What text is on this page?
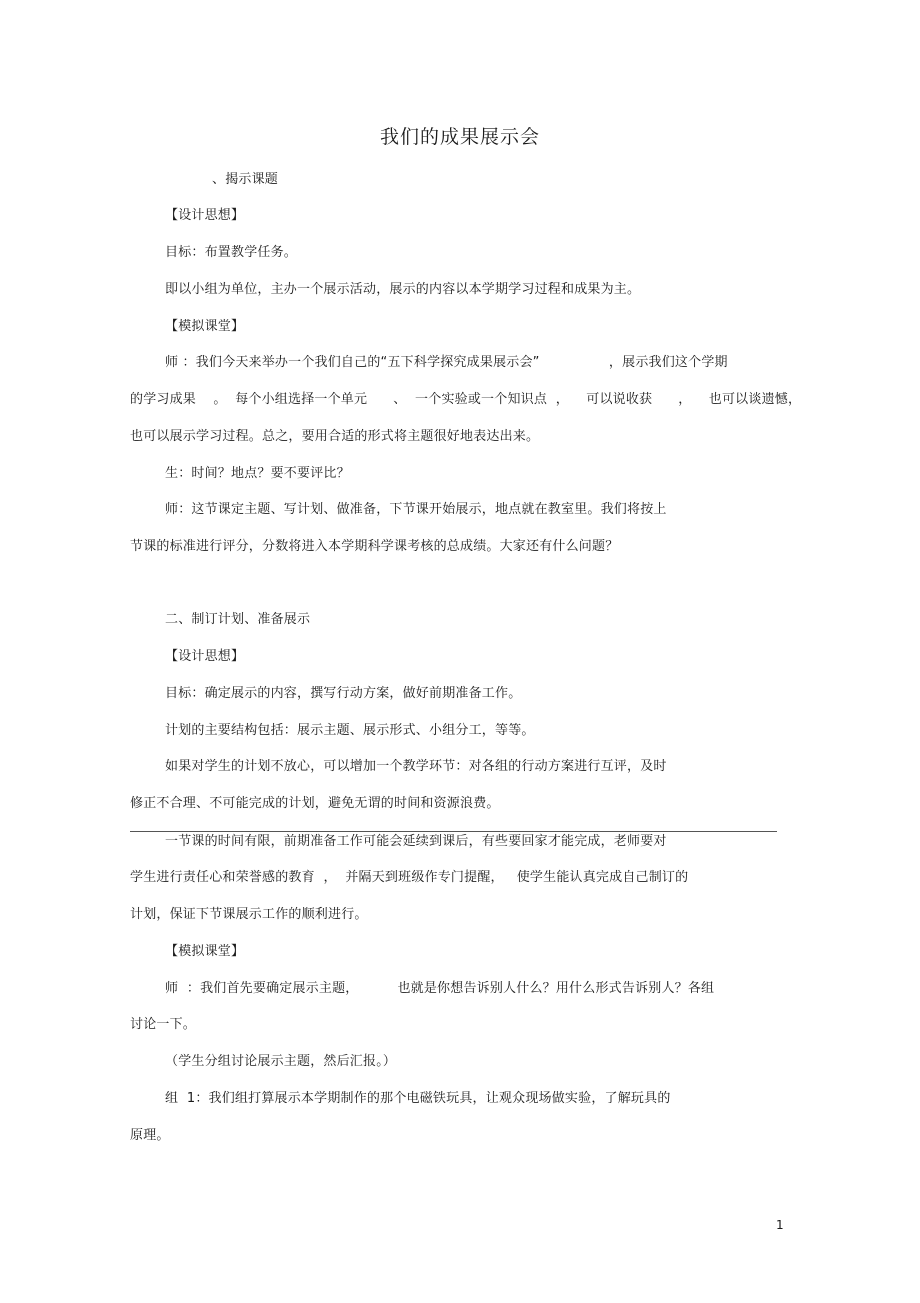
我们的成果展示会
、揭示课题
【设计思想】
目标：布置教学任务。
即以小组为单位，主办一个展示活动，展示的内容以本学期学习过程和成果为主。
【模拟课堂】
师 ：我们今天来举办一个我们自己的“五下科学探究成果展示会”                ，展示我们这个学期
的学习成果    。  每个小组选择一个单元      、  一个实验或一个知识点  ，    可以说收获      ，    也可以谈遗憾，
也可以展示学习过程。总之，要用合适的形式将主题很好地表达出来。
生：时间？地点？要不要评比？
师：这节课定主题、写计划、做准备，下节课开始展示，地点就在教室里。我们将按上
节课的标准进行评分，分数将进入本学期科学课考核的总成绩。大家还有什么问题？
二、制订计划、准备展示
【设计思想】
目标：确定展示的内容，撰写行动方案，做好前期准备工作。
计划的主要结构包括：展示主题、展示形式、小组分工，等等。
如果对学生的计划不放心，可以增加一个教学环节：对各组的行动方案进行互评，及时
修正不合理、不可能完成的计划，避免无谓的时间和资源浪费。
一节课的时间有限，前期准备工作可能会延续到课后，有些要回家才能完成，老师要对
学生进行责任心和荣誉感的教育  ，  并隔天到班级作专门提醒，   使学生能认真完成自己制订的
计划，保证下节课展示工作的顺利进行。
【模拟课堂】
师  ：我们首先要确定展示主题，         也就是你想告诉别人什么？用什么形式告诉别人？各组
讨论一下。
（学生分组讨论展示主题，然后汇报。）
组  1：我们组打算展示本学期制作的那个电磁铁玩具，让观众现场做实验，了解玩具的
原理。
1
